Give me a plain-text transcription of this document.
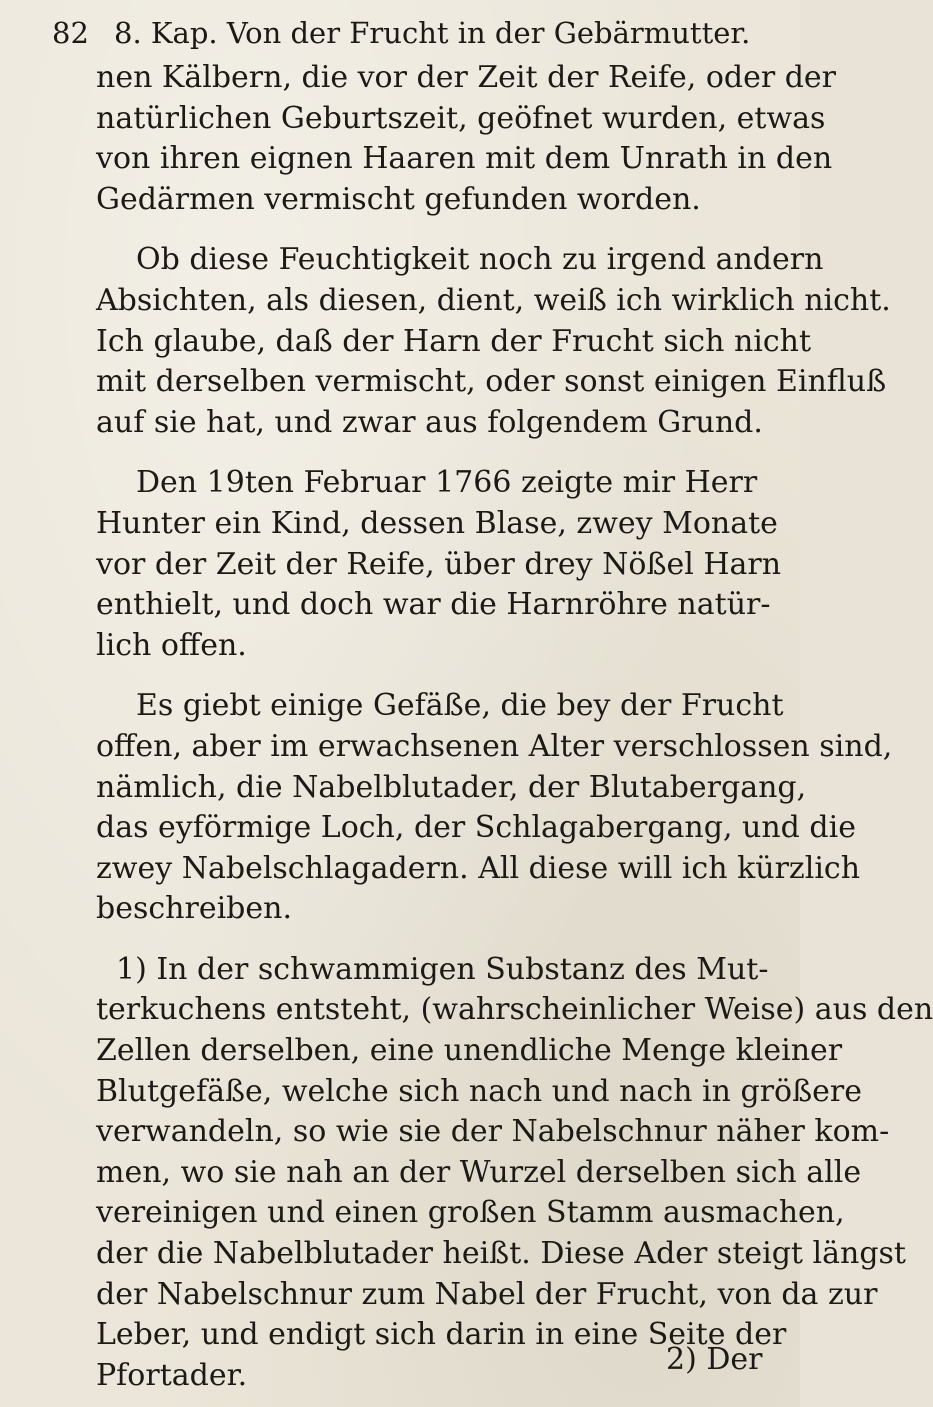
82 8. Kap. Von der Frucht in der Gebärmutter.
nen Kälbern, die vor der Zeit der Reife, oder der
natürlichen Geburtszeit, geöfnet wurden, etwas
von ihren eignen Haaren mit dem Unrath in den
Gedärmen vermischt gefunden worden.
Ob diese Feuchtigkeit noch zu irgend andern
Absichten, als diesen, dient, weiß ich wirklich nicht.
Ich glaube, daß der Harn der Frucht sich nicht
mit derselben vermischt, oder sonst einigen Einfluß
auf sie hat, und zwar aus folgendem Grund.
Den 19ten Februar 1766 zeigte mir Herr
Hunter ein Kind, dessen Blase, zwey Monate
vor der Zeit der Reife, über drey Nößel Harn
enthielt, und doch war die Harnröhre natür-
lich offen.
Es giebt einige Gefäße, die bey der Frucht
offen, aber im erwachsenen Alter verschlossen sind,
nämlich, die Nabelblutader, der Blutabergang,
das eyförmige Loch, der Schlagabergang, und die
zwey Nabelschlagadern. All diese will ich kürzlich
beschreiben.
1) In der schwammigen Substanz des Mut-
terkuchens entsteht, (wahrscheinlicher Weise) aus den
Zellen derselben, eine unendliche Menge kleiner
Blutgefäße, welche sich nach und nach in größere
verwandeln, so wie sie der Nabelschnur näher kom-
men, wo sie nah an der Wurzel derselben sich alle
vereinigen und einen großen Stamm ausmachen,
der die Nabelblutader heißt. Diese Ader steigt längst
der Nabelschnur zum Nabel der Frucht, von da zur
Leber, und endigt sich darin in eine Seite der
Pfortader.	2) Der
